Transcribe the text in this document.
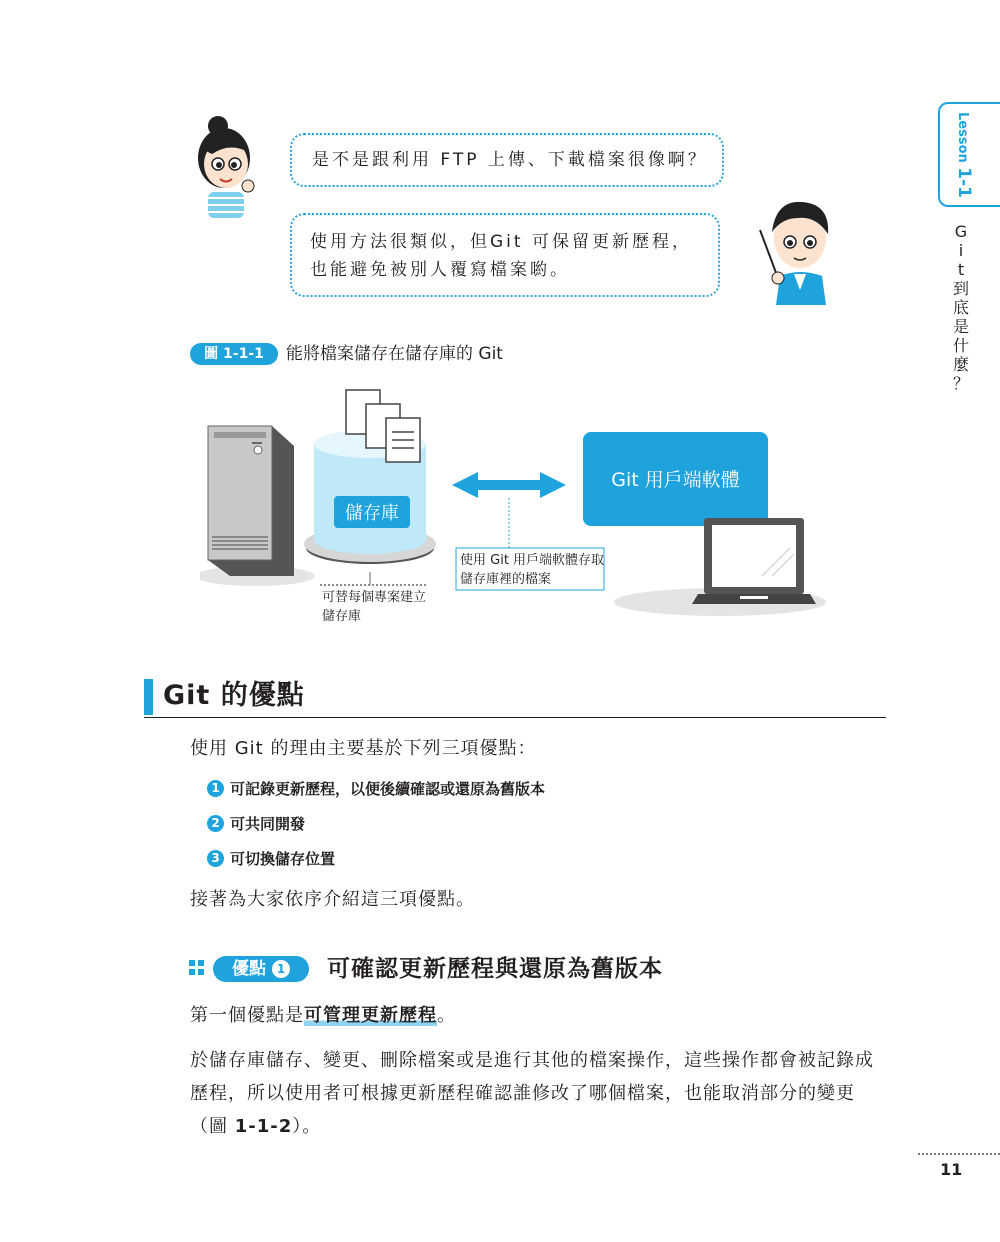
是不是跟利用 FTP 上傳、下載檔案很像啊？
使用方法很類似，但Git 可保留更新歷程，
也能避免被別人覆寫檔案喲。
圖 1-1-1	能將檔案儲存在儲存庫的 Git
儲存庫
Git 用戶端軟體
使用 Git 用戶端軟體存取
儲存庫裡的檔案
可替每個專案建立
儲存庫
Git 的優點
使用 Git 的理由主要基於下列三項優點：
1 可記錄更新歷程，以便後續確認或還原為舊版本
2 可共同開發
3 可切換儲存位置
接著為大家依序介紹這三項優點。
優點 1 可確認更新歷程與還原為舊版本
第一個優點是可管理更新歷程。
於儲存庫儲存、變更、刪除檔案或是進行其他的檔案操作，這些操作都會被記錄成
歷程，所以使用者可根據更新歷程確認誰修改了哪個檔案，也能取消部分的變更
（圖 1-1-2）。
Lesson 1-1
G
i
t
到
底
是
什
麼
？
11
